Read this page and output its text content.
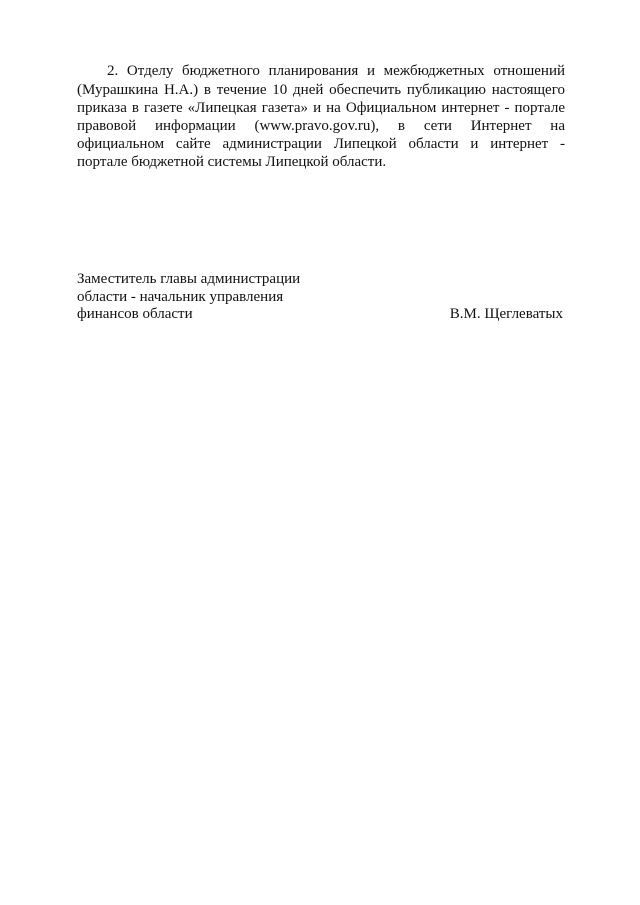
2. Отделу бюджетного планирования и межбюджетных отношений
(Мурашкина Н.А.) в течение 10 дней обеспечить публикацию настоящего
приказа в газете «Липецкая газета» и на Официальном интернет - портале
правовой информации (www.pravo.gov.ru), в сети Интернет на
официальном сайте администрации Липецкой области и интернет -
портале бюджетной системы Липецкой области.
Заместитель главы администрации
области - начальник управления
финансов области	В.М. Щеглеватых
